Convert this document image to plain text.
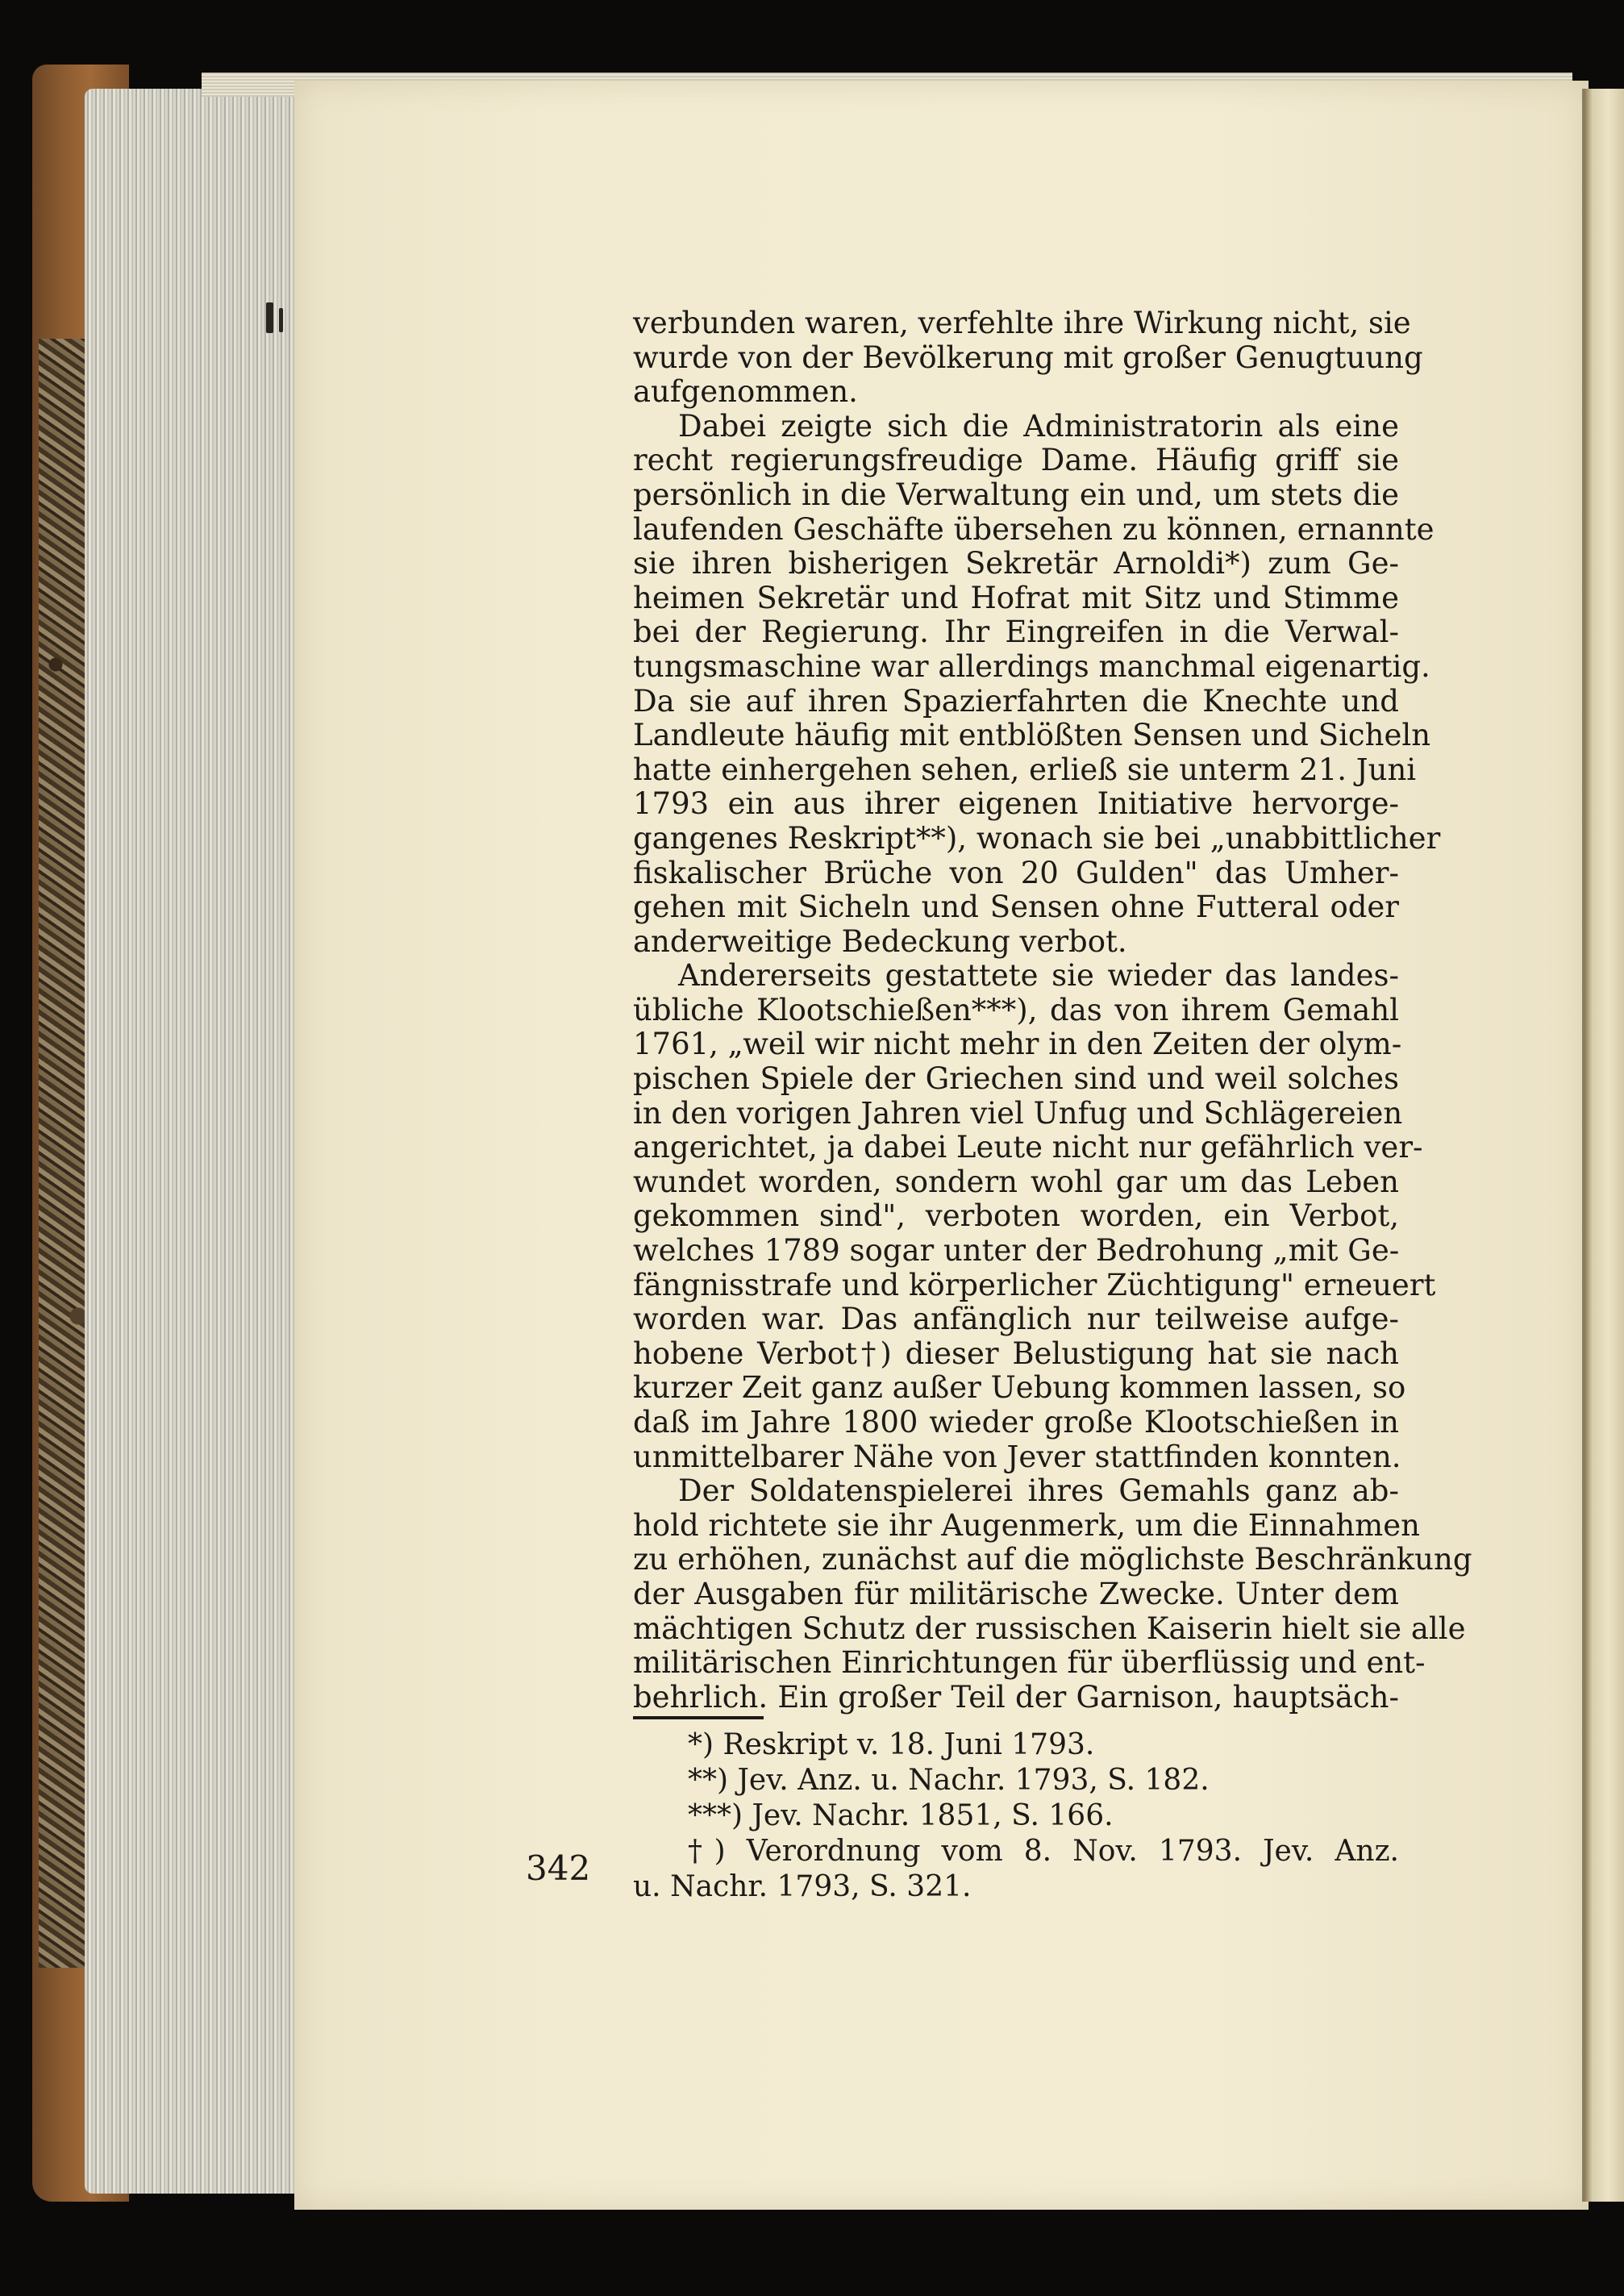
verbunden waren, verfehlte ihre Wirkung nicht, sie
wurde von der Bevölkerung mit großer Genugtuung
aufgenommen.
Dabei zeigte sich die Administratorin als eine
recht regierungsfreudige Dame. Häufig griff sie
persönlich in die Verwaltung ein und, um stets die
laufenden Geschäfte übersehen zu können, ernannte
sie ihren bisherigen Sekretär Arnoldi*) zum Ge-
heimen Sekretär und Hofrat mit Sitz und Stimme
bei der Regierung. Ihr Eingreifen in die Verwal-
tungsmaschine war allerdings manchmal eigenartig.
Da sie auf ihren Spazierfahrten die Knechte und
Landleute häufig mit entblößten Sensen und Sicheln
hatte einhergehen sehen, erließ sie unterm 21. Juni
1793 ein aus ihrer eigenen Initiative hervorge-
gangenes Reskript**), wonach sie bei „unabbittlicher
fiskalischer Brüche von 20 Gulden" das Umher-
gehen mit Sicheln und Sensen ohne Futteral oder
anderweitige Bedeckung verbot.
Andererseits gestattete sie wieder das landes-
übliche Klootschießen***), das von ihrem Gemahl
1761, „weil wir nicht mehr in den Zeiten der olym-
pischen Spiele der Griechen sind und weil solches
in den vorigen Jahren viel Unfug und Schlägereien
angerichtet, ja dabei Leute nicht nur gefährlich ver-
wundet worden, sondern wohl gar um das Leben
gekommen sind", verboten worden, ein Verbot,
welches 1789 sogar unter der Bedrohung „mit Ge-
fängnisstrafe und körperlicher Züchtigung" erneuert
worden war. Das anfänglich nur teilweise aufge-
hobene Verbot†) dieser Belustigung hat sie nach
kurzer Zeit ganz außer Uebung kommen lassen, so
daß im Jahre 1800 wieder große Klootschießen in
unmittelbarer Nähe von Jever stattfinden konnten.
Der Soldatenspielerei ihres Gemahls ganz ab-
hold richtete sie ihr Augenmerk, um die Einnahmen
zu erhöhen, zunächst auf die möglichste Beschränkung
der Ausgaben für militärische Zwecke. Unter dem
mächtigen Schutz der russischen Kaiserin hielt sie alle
militärischen Einrichtungen für überflüssig und ent-
behrlich. Ein großer Teil der Garnison, hauptsäch-
*) Reskript v. 18. Juni 1793.
**) Jev. Anz. u. Nachr. 1793, S. 182.
***) Jev. Nachr. 1851, S. 166.
†) Verordnung vom 8. Nov. 1793. Jev. Anz.
u. Nachr. 1793, S. 321.
342
